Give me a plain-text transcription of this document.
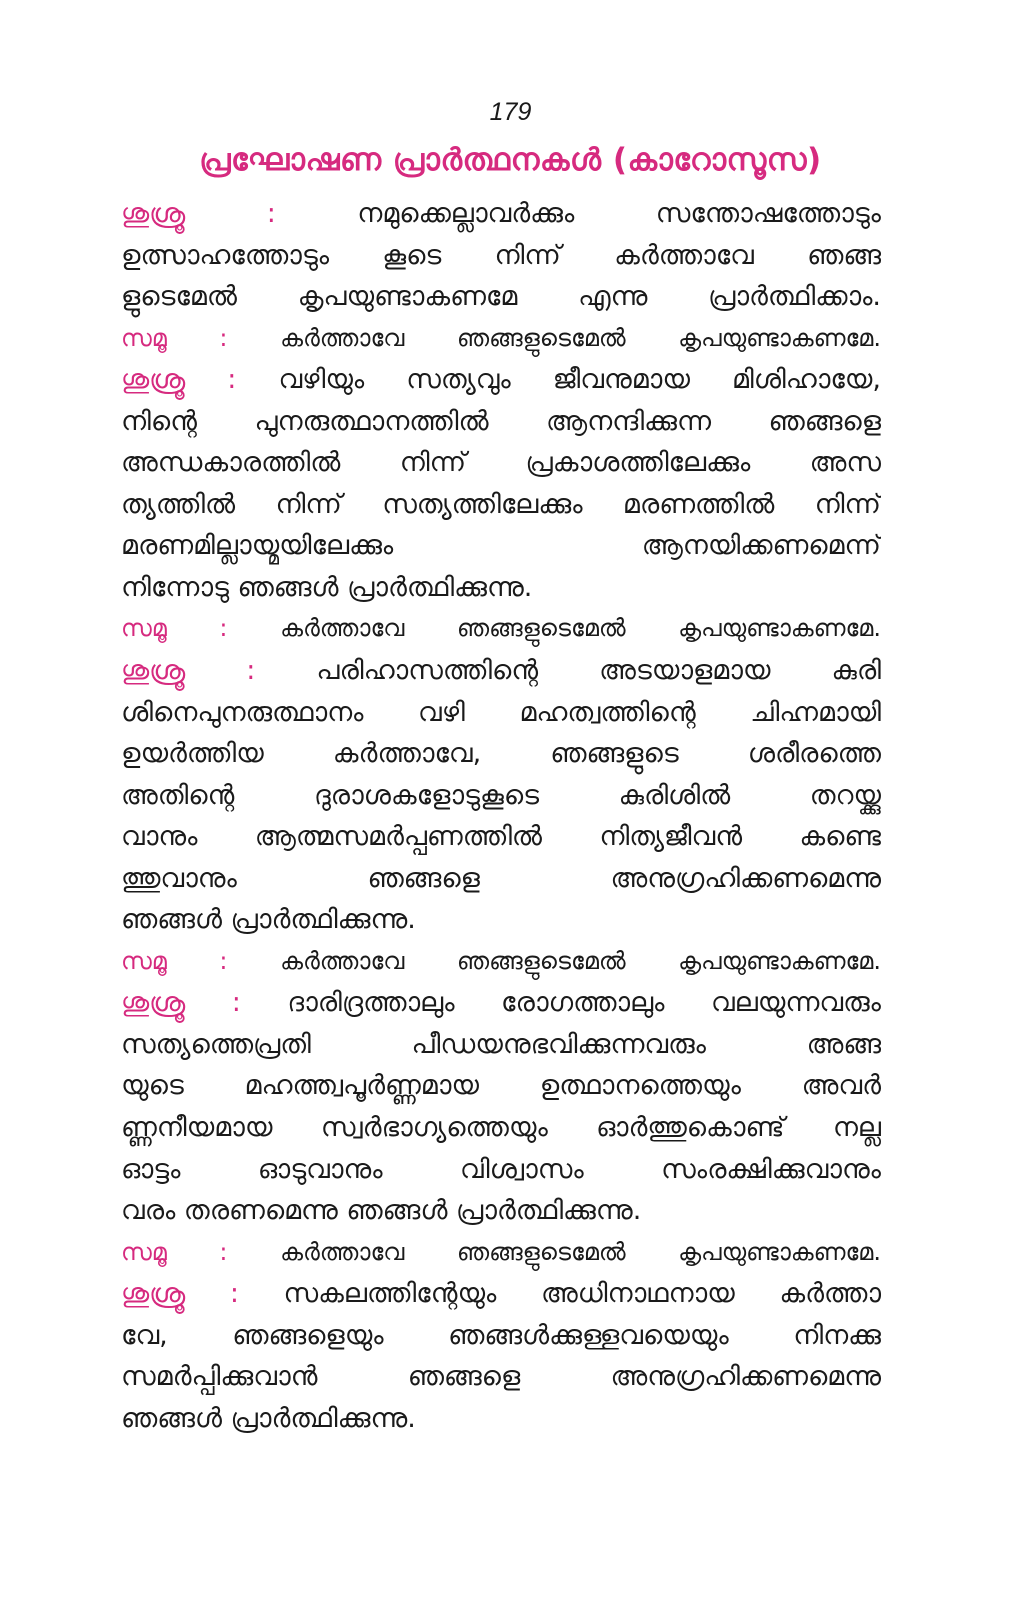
179
പ്രഘോഷണ പ്രാർത്ഥനകൾ (കാറോസൂസ)
ശുശ്രൂ : നമുക്കെല്ലാവർക്കും സന്തോഷത്തോടും
ഉത്സാഹത്തോടും കൂടെ നിന്ന് കർത്താവേ ഞങ്ങ
ളുടെമേൽ കൃപയുണ്ടാകണമേ എന്നു പ്രാർത്ഥിക്കാം.
സമൂ : കർത്താവേ ഞങ്ങളുടെമേൽ കൃപയുണ്ടാകണമേ.
ശുശ്രൂ : വഴിയും സത്യവും ജീവനുമായ മിശിഹായേ,
നിന്റെ പുനരുത്ഥാനത്തിൽ ആനന്ദിക്കുന്ന ഞങ്ങളെ
അന്ധകാരത്തിൽ നിന്ന് പ്രകാശത്തിലേക്കും അസ
ത്യത്തിൽ നിന്ന് സത്യത്തിലേക്കും മരണത്തിൽ നിന്ന്
മരണമില്ലായ്മയിലേക്കും ആനയിക്കണമെന്ന്
നിന്നോടു ഞങ്ങൾ പ്രാർത്ഥിക്കുന്നു.
സമൂ : കർത്താവേ ഞങ്ങളുടെമേൽ കൃപയുണ്ടാകണമേ.
ശുശ്രൂ : പരിഹാസത്തിന്റെ അടയാളമായ കുരി
ശിനെപുനരുത്ഥാനം വഴി മഹത്വത്തിന്റെ ചിഹ്നമായി
ഉയർത്തിയ കർത്താവേ, ഞങ്ങളുടെ ശരീരത്തെ
അതിന്റെ ദുരാശകളോടുകൂടെ കുരിശിൽ തറയ്ക്കു
വാനും ആത്മസമർപ്പണത്തിൽ നിത്യജീവൻ കണ്ടെ
ത്തുവാനും ഞങ്ങളെ അനുഗ്രഹിക്കണമെന്നു
ഞങ്ങൾ പ്രാർത്ഥിക്കുന്നു.
സമൂ : കർത്താവേ ഞങ്ങളുടെമേൽ കൃപയുണ്ടാകണമേ.
ശുശ്രൂ : ദാരിദ്രത്താലും രോഗത്താലും വലയുന്നവരും
സത്യത്തെപ്രതി പീഡയനുഭവിക്കുന്നവരും അങ്ങ
യുടെ മഹത്ത്വപൂർണ്ണമായ ഉത്ഥാനത്തെയും അവർ
ണ്ണനീയമായ സ്വർഭാഗ്യത്തെയും ഓർത്തുകൊണ്ട് നല്ല
ഓട്ടം ഓടുവാനും വിശ്വാസം സംരക്ഷിക്കുവാനും
വരം തരണമെന്നു ഞങ്ങൾ പ്രാർത്ഥിക്കുന്നു.
സമൂ : കർത്താവേ ഞങ്ങളുടെമേൽ കൃപയുണ്ടാകണമേ.
ശുശ്രൂ : സകലത്തിന്റേയും അധിനാഥനായ കർത്താ
വേ, ഞങ്ങളെയും ഞങ്ങൾക്കുള്ളവയെയും നിനക്കു
സമർപ്പിക്കുവാൻ ഞങ്ങളെ അനുഗ്രഹിക്കണമെന്നു
ഞങ്ങൾ പ്രാർത്ഥിക്കുന്നു.
